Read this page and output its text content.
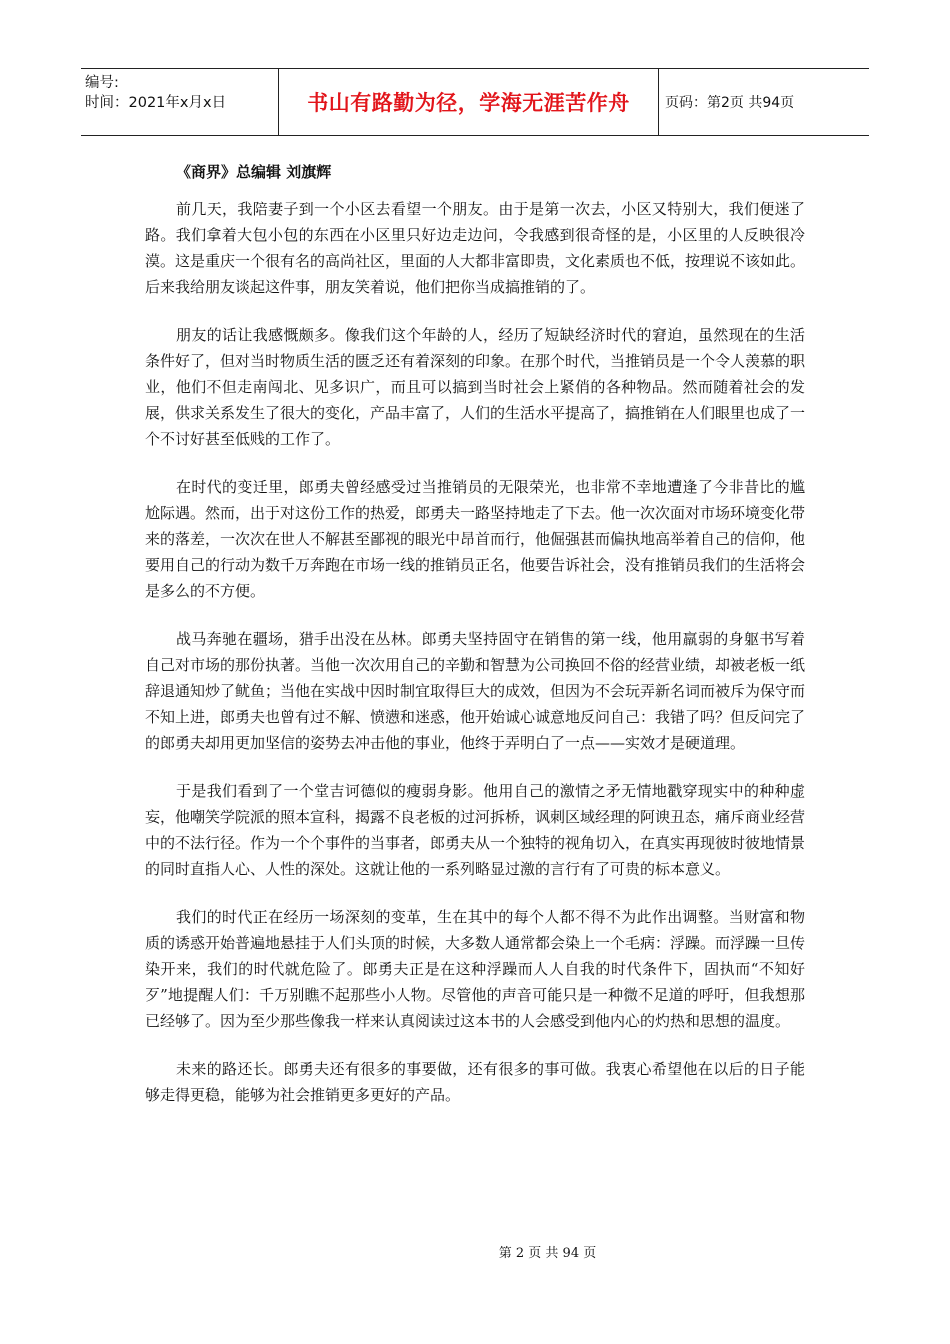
编号:
时间：2021年x月x日	书山有路勤为径，学海无涯苦作舟	页码：第2页 共94页
《商界》总编辑 刘旗辉

前几天，我陪妻子到一个小区去看望一个朋友。由于是第一次去，小区又特别大，我们便迷了路。我们拿着大包小包的东西在小区里只好边走边问，令我感到很奇怪的是，小区里的人反映很冷漠。这是重庆一个很有名的高尚社区，里面的人大都非富即贵，文化素质也不低，按理说不该如此。后来我给朋友谈起这件事，朋友笑着说，他们把你当成搞推销的了。

朋友的话让我感慨颇多。像我们这个年龄的人，经历了短缺经济时代的窘迫，虽然现在的生活条件好了，但对当时物质生活的匮乏还有着深刻的印象。在那个时代，当推销员是一个令人羡慕的职业，他们不但走南闯北、见多识广，而且可以搞到当时社会上紧俏的各种物品。然而随着社会的发展，供求关系发生了很大的变化，产品丰富了，人们的生活水平提高了，搞推销在人们眼里也成了一个不讨好甚至低贱的工作了。

在时代的变迁里，郎勇夫曾经感受过当推销员的无限荣光，也非常不幸地遭逢了今非昔比的尴尬际遇。然而，出于对这份工作的热爱，郎勇夫一路坚持地走了下去。他一次次面对市场环境变化带来的落差，一次次在世人不解甚至鄙视的眼光中昂首而行，他倔强甚而偏执地高举着自己的信仰，他要用自己的行动为数千万奔跑在市场一线的推销员正名，他要告诉社会，没有推销员我们的生活将会是多么的不方便。

战马奔驰在疆场，猎手出没在丛林。郎勇夫坚持固守在销售的第一线，他用羸弱的身躯书写着自己对市场的那份执著。当他一次次用自己的辛勤和智慧为公司换回不俗的经营业绩，却被老板一纸辞退通知炒了鱿鱼；当他在实战中因时制宜取得巨大的成效，但因为不会玩弄新名词而被斥为保守而不知上进，郎勇夫也曾有过不解、愤懑和迷惑，他开始诚心诚意地反问自己：我错了吗？但反问完了的郎勇夫却用更加坚信的姿势去冲击他的事业，他终于弄明白了一点——实效才是硬道理。

于是我们看到了一个堂吉诃德似的瘦弱身影。他用自己的激情之矛无情地戳穿现实中的种种虚妄，他嘲笑学院派的照本宣科，揭露不良老板的过河拆桥，讽刺区域经理的阿谀丑态，痛斥商业经营中的不法行径。作为一个个事件的当事者，郎勇夫从一个独特的视角切入，在真实再现彼时彼地情景的同时直指人心、人性的深处。这就让他的一系列略显过激的言行有了可贵的标本意义。

我们的时代正在经历一场深刻的变革，生在其中的每个人都不得不为此作出调整。当财富和物质的诱惑开始普遍地悬挂于人们头顶的时候，大多数人通常都会染上一个毛病：浮躁。而浮躁一旦传染开来，我们的时代就危险了。郎勇夫正是在这种浮躁而人人自我的时代条件下，固执而“不知好歹”地提醒人们：千万别瞧不起那些小人物。尽管他的声音可能只是一种微不足道的呼吁，但我想那已经够了。因为至少那些像我一样来认真阅读过这本书的人会感受到他内心的灼热和思想的温度。

未来的路还长。郎勇夫还有很多的事要做，还有很多的事可做。我衷心希望他在以后的日子能够走得更稳，能够为社会推销更多更好的产品。

第 2 页 共 94 页
